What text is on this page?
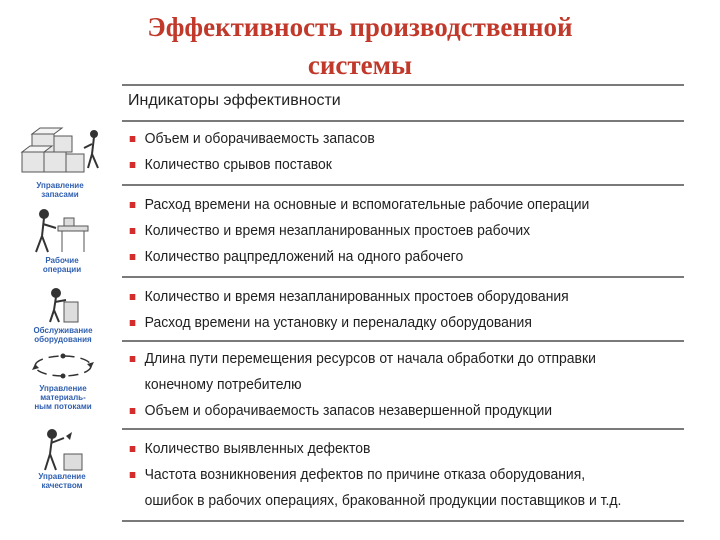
Эффективность производственной
системы
Управление
запасами
Рабочие
операции
Обслуживание
оборудования
Управление
материаль-
ным потоками
Управление
качеством
Индикаторы эффективности
Объем и оборачиваемость запасов
Количество срывов поставок
Расход времени на основные и вспомогательные рабочие операции
Количество и время незапланированных простоев рабочих
Количество рацпредложений на одного рабочего
Количество и время незапланированных простоев оборудования
Расход времени на установку и переналадку оборудования
Длина пути перемещения ресурсов от начала обработки до отправки
конечному потребителю
Объем и оборачиваемость запасов незавершенной продукции
Количество выявленных дефектов
Частота возникновения дефектов по причине отказа оборудования,
ошибок в рабочих операциях, бракованной продукции поставщиков и т.д.
